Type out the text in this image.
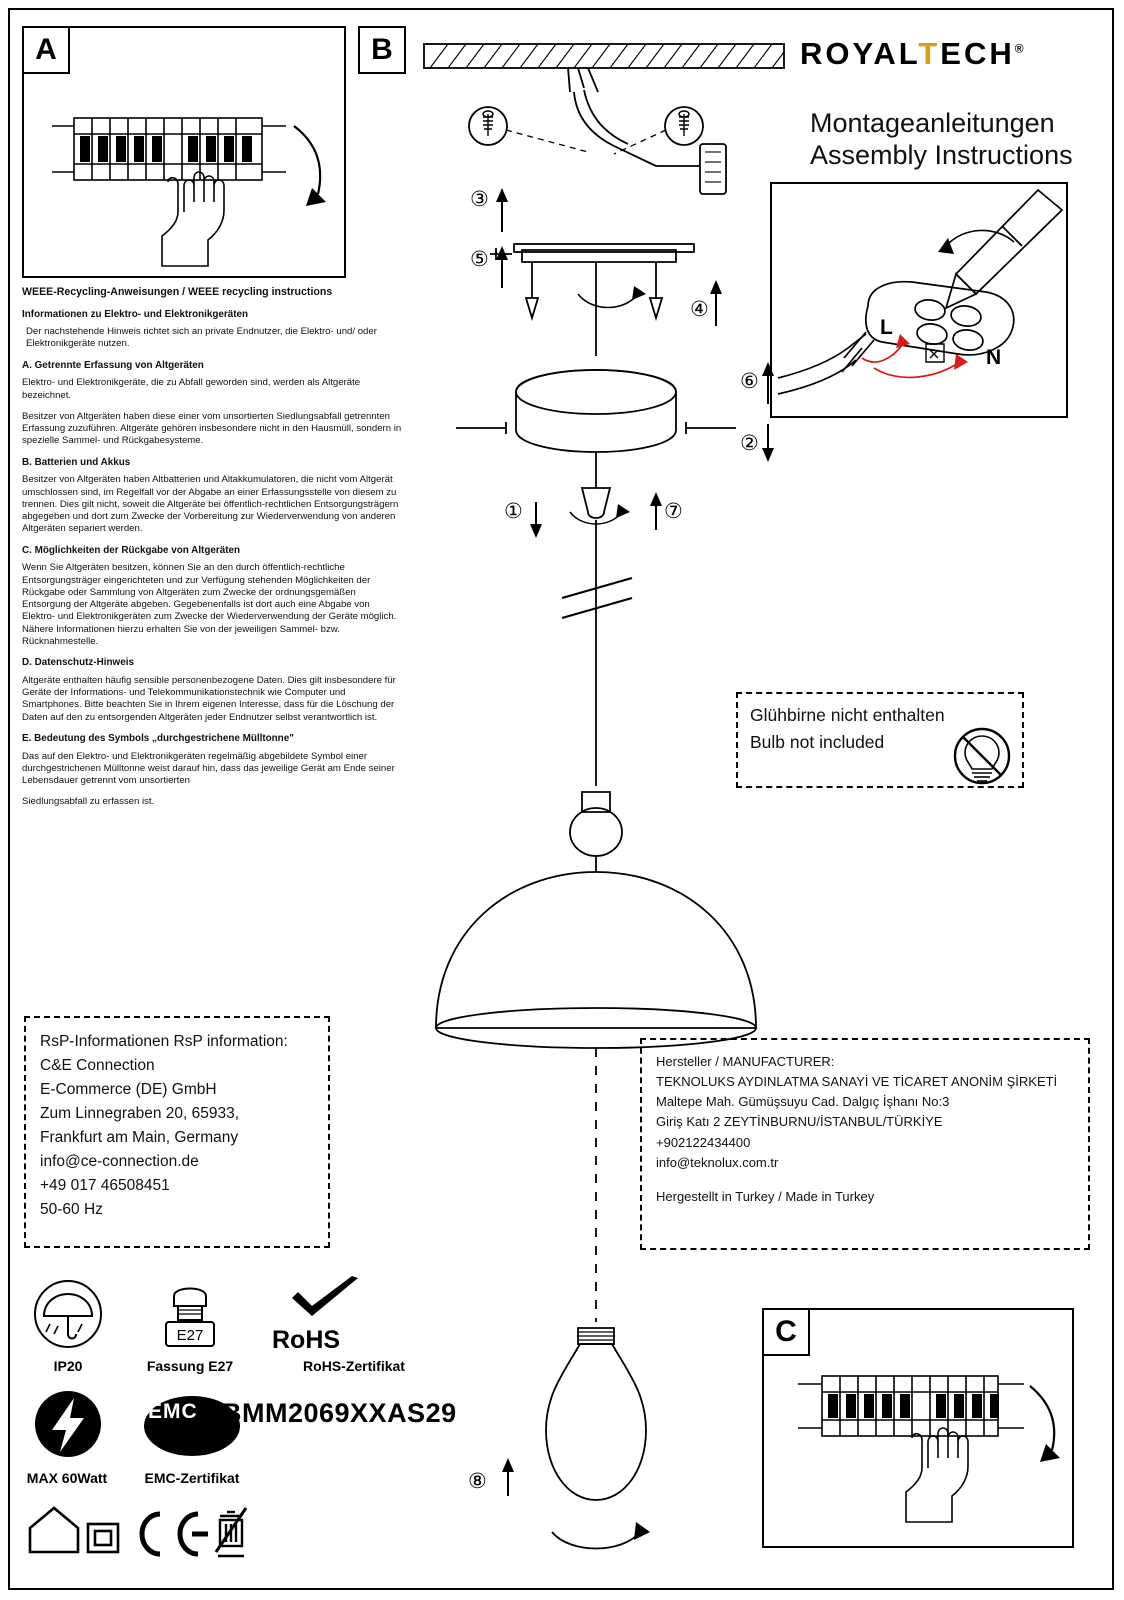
ROYALTECH®
Montageanleitungen
Assembly Instructions
A
WEEE-Recycling-Anweisungen / WEEE recycling instructions
Informationen zu Elektro- und Elektronikgeräten

Der nachstehende Hinweis richtet sich an private Endnutzer, die Elektro- und/ oder Elektronikgeräte nutzen.

A. Getrennte Erfassung von Altgeräten

Elektro- und Elektronikgeräte, die zu Abfall geworden sind, werden als Altgeräte bezeichnet.

Besitzer von Altgeräten haben diese einer vom unsortierten Siedlungsabfall getrennten Erfassung zuzuführen. Altgeräte gehören insbesondere nicht in den Hausmüll, sondern in spezielle Sammel- und Rückgabesysteme.

B. Batterien und Akkus

Besitzer von Altgeräten haben Altbatterien und Altakkumulatoren, die nicht vom Altgerät umschlossen sind, im Regelfall vor der Abgabe an einer Erfassungsstelle von diesem zu trennen. Dies gilt nicht, soweit die Altgeräte bei öffentlich-rechtlichen Entsorgungsträgern abgegeben und dort zum Zwecke der Vorbereitung zur Wiederverwendung von anderen Altgeräten separiert werden.

C. Möglichkeiten der Rückgabe von Altgeräten

Wenn Sie Altgeräten besitzen, können Sie an den durch öffentlich-rechtliche Entsorgungsträger eingerichteten und zur Verfügung stehenden Möglichkeiten der Rückgabe oder Sammlung von Altgeräten zum Zwecke der ordnungsgemäßen Entsorgung der Altgeräte abgeben. Gegebenenfalls ist dort auch eine Abgabe von Elektro- und Elektronikgeräten zum Zwecke der Wiederverwendung der Geräte möglich. Nähere Informationen hierzu erhalten Sie von der jeweiligen Sammel- bzw. Rücknahmestelle.

D. Datenschutz-Hinweis

Altgeräte enthalten häufig sensible personenbezogene Daten. Dies gilt insbesondere für Geräte der Informations- und Telekommunikationstechnik wie Computer und Smartphones. Bitte beachten Sie in Ihrem eigenen Interesse, dass für die Löschung der Daten auf den zu entsorgenden Altgeräten jeder Endnutzer selbst verantwortlich ist.

E. Bedeutung des Symbols „durchgestrichene Mülltonne"

Das auf den Elektro- und Elektronikgeräten regelmäßig abgebildete Symbol einer durchgestrichenen Mülltonne weist darauf hin, dass das jeweilige Gerät am Ende seiner Lebensdauer getrennt vom unsortierten

Siedlungsabfall zu erfassen ist.

RsP-Informationen RsP information:
C&E Connection
E-Commerce (DE) GmbH
Zum Linnegraben 20, 65933,
Frankfurt am Main, Germany
info@ce-connection.de
+49 017 46508451
50-60 Hz
Hersteller / MANUFACTURER:
TEKNOLUKS AYDINLATMA SANAYİ VE TİCARET ANONİM ŞİRKETİ
Maltepe Mah. Gümüşsuyu Cad. Dalgıç İşhanı No:3
Giriş Katı 2 ZEYTİNBURNU/İSTANBUL/TÜRKİYE
+902122434400
info@teknolux.com.tr
Hergestellt in Turkey / Made in Turkey
Glühbirne nicht enthalten
Bulb not included
B
③
⑤
④
⑥
②
①	⑦
⑧
L
N
C
IP20
E27
Fassung E27
RoHS
RoHS-Zertifikat
MAX 60Watt
EMC
EMC-Zertifikat
BMM2069XXAS29
